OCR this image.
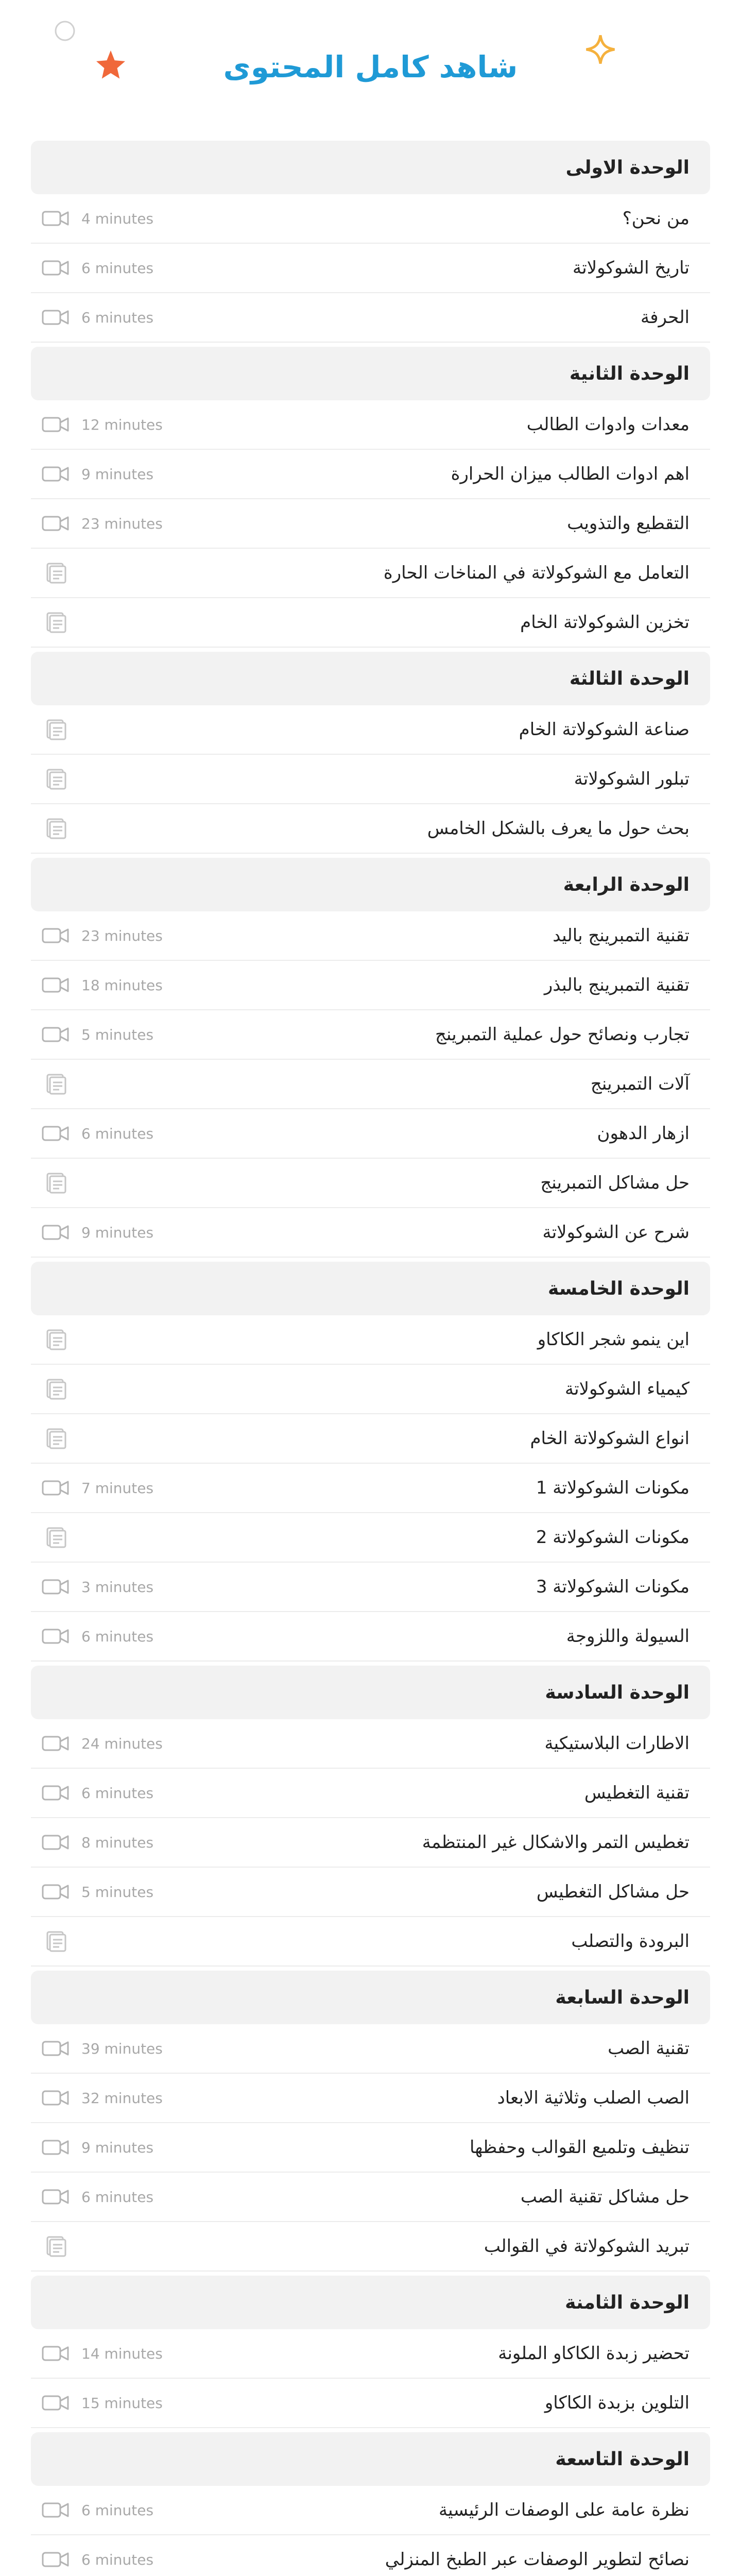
شاهد كامل المحتوى
الوحدة الاولى
من نحن؟
4 minutes
تاريخ الشوكولاتة
6 minutes
الحرفة
6 minutes
الوحدة الثانية
معدات وادوات الطالب
12 minutes
اهم ادوات الطالب ميزان الحرارة
9 minutes
التقطيع والتذويب
23 minutes
التعامل مع الشوكولاتة في المناخات الحارة
تخزين الشوكولاتة الخام
الوحدة الثالثة
صناعة الشوكولاتة الخام
تبلور الشوكولاتة
بحث حول ما يعرف بالشكل الخامس
الوحدة الرابعة
تقنية التمبرينج باليد
23 minutes
تقنية التمبرينج بالبذر
18 minutes
تجارب ونصائح حول عملية التمبرينج
5 minutes
آلات التمبرينج
ازهار الدهون
6 minutes
حل مشاكل التمبرينج
شرح عن الشوكولاتة
9 minutes
الوحدة الخامسة
اين ينمو شجر الكاكاو
كيمياء الشوكولاتة
انواع الشوكولاتة الخام
مكونات الشوكولاتة 1
7 minutes
مكونات الشوكولاتة 2
مكونات الشوكولاتة 3
3 minutes
السيولة واللزوجة
6 minutes
الوحدة السادسة
الاطارات البلاستيكية
24 minutes
تقنية التغطيس
6 minutes
تغطيس التمر والاشكال غير المنتظمة
8 minutes
حل مشاكل التغطيس
5 minutes
البرودة والتصلب
الوحدة السابعة
تقنية الصب
39 minutes
الصب الصلب وثلاثية الابعاد
32 minutes
تنظيف وتلميع القوالب وحفظها
9 minutes
حل مشاكل تقنية الصب
6 minutes
تبريد الشوكولاتة في القوالب
الوحدة الثامنة
تحضير زبدة الكاكاو الملونة
14 minutes
التلوين بزبدة الكاكاو
15 minutes
الوحدة التاسعة
نظرة عامة على الوصفات الرئيسية
6 minutes
نصائح لتطوير الوصفات عبر الطبخ المنزلي
6 minutes
